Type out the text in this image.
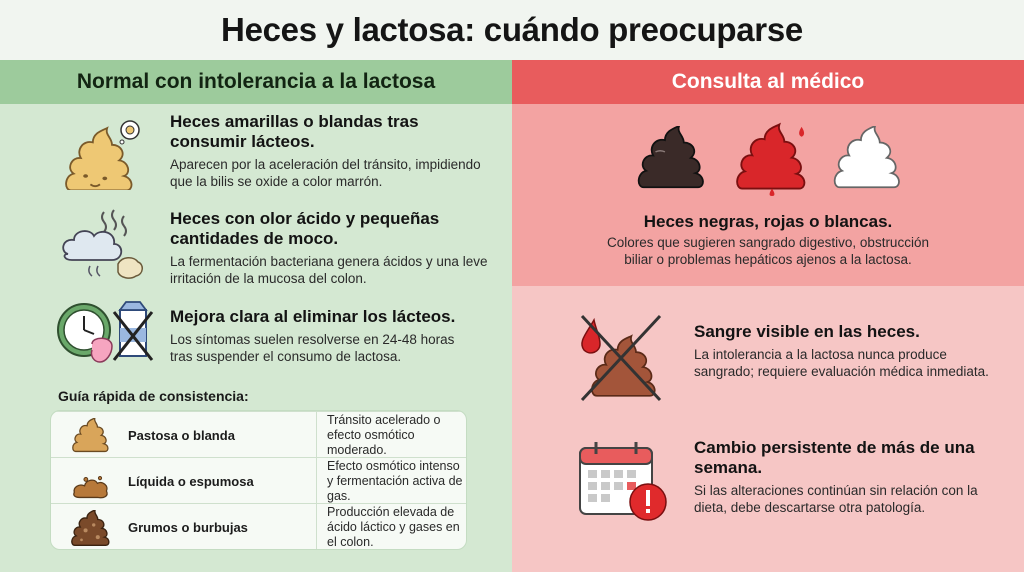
Heces y lactosa: cuándo preocuparse
Normal con intolerancia a la lactosa
Heces amarillas o blandas tras consumir lácteos.
Aparecen por la aceleración del tránsito, impidiendo que la bilis se oxide a color marrón.
Heces con olor ácido y pequeñas cantidades de moco.
La fermentación bacteriana genera ácidos y una leve irritación de la mucosa del colon.
Mejora clara al eliminar los lácteos.
Los síntomas suelen resolverse en 24-48 horas tras suspender el consumo de lactosa.
Guía rápida de consistencia:
Pastosa o blanda
Tránsito acelerado o efecto osmótico moderado.
Líquida o espumosa
Efecto osmótico intenso y fermentación activa de gas.
Grumos o burbujas
Producción elevada de ácido láctico y gases en el colon.
Consulta al médico
Heces negras, rojas o blancas.
Colores que sugieren sangrado digestivo, obstrucción
biliar o problemas hepáticos ajenos a la lactosa.
Sangre visible en las heces.
La intolerancia a la lactosa nunca produce sangrado; requiere evaluación médica inmediata.
Cambio persistente de más de una semana.
Si las alteraciones continúan sin relación con la dieta, debe descartarse otra patología.
